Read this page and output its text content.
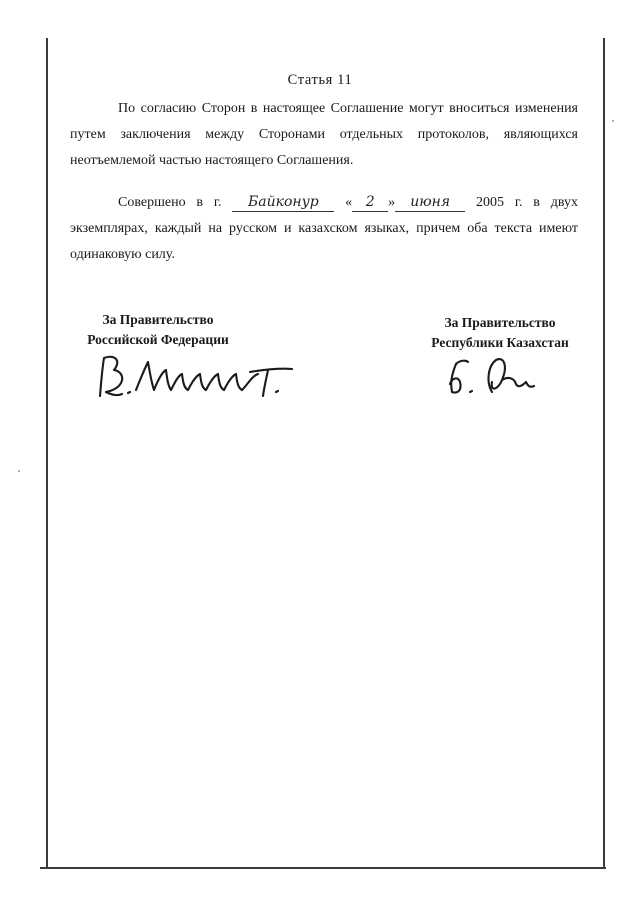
Статья 11

По согласию Сторон в настоящее Соглашение могут вноситься изменения путем заключения между Сторонами отдельных протоколов, являющихся неотъемлемой частью настоящего Соглашения.

Совершено в г. Байконур « 2 » июня 2005 г. в двух экземплярах, каждый на русском и казахском языках, причем оба текста имеют одинаковую силу.

За Правительство
Российской Федерации
За Правительство
Республики Казахстан
